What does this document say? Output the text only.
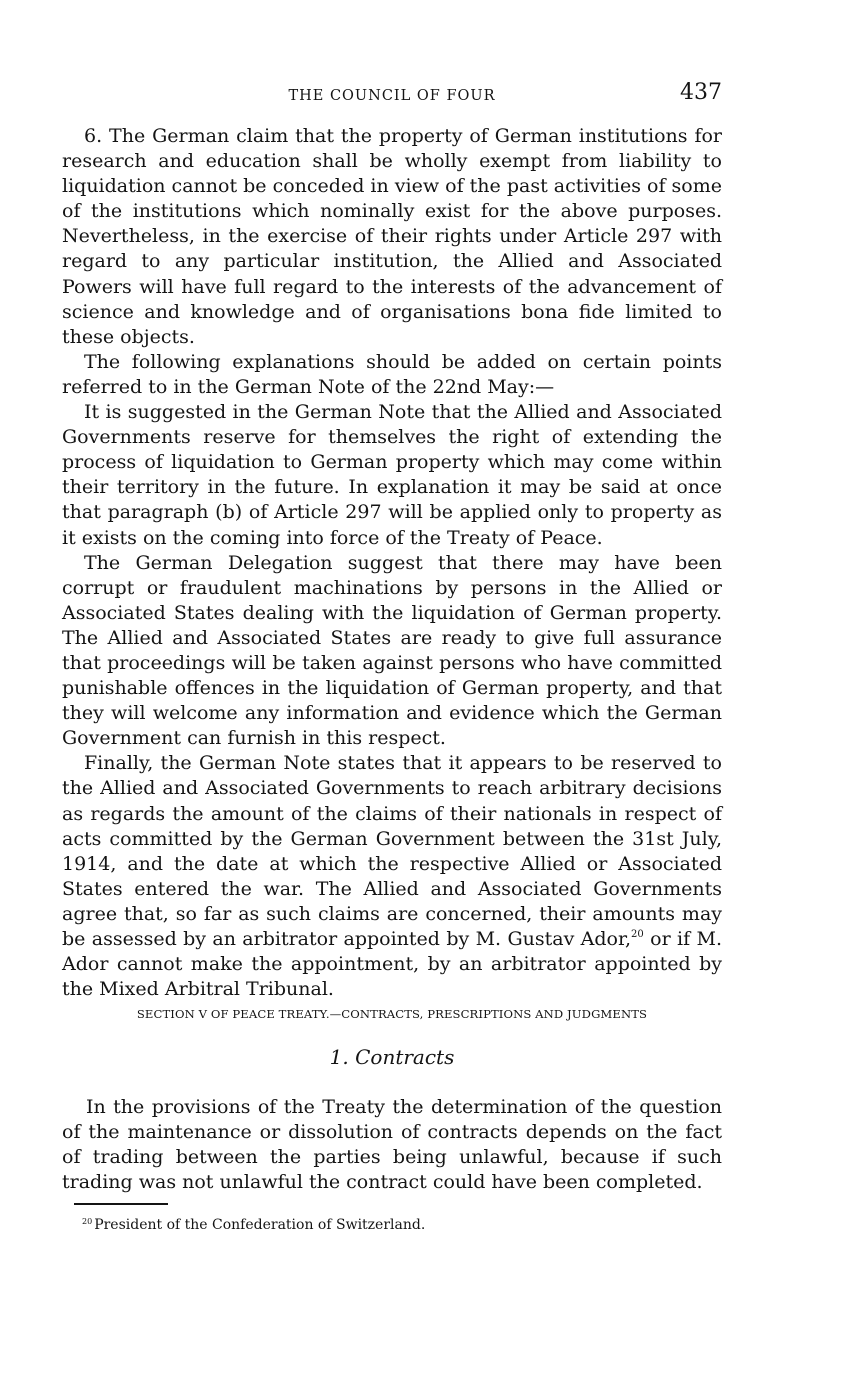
THE COUNCIL OF FOUR	437

6. The German claim that the property of German institutions for research and education shall be wholly exempt from liability to liquidation cannot be conceded in view of the past activities of some of the institutions which nominally exist for the above purposes. Nevertheless, in the exercise of their rights under Article 297 with regard to any particular institution, the Allied and Associated Powers will have full regard to the interests of the advancement of science and knowledge and of organisations bona fide limited to these objects.

The following explanations should be added on certain points referred to in the German Note of the 22nd May:—

It is suggested in the German Note that the Allied and Associated Governments reserve for themselves the right of extending the process of liquidation to German property which may come within their territory in the future. In explanation it may be said at once that paragraph (b) of Article 297 will be applied only to property as it exists on the coming into force of the Treaty of Peace.

The German Delegation suggest that there may have been corrupt or fraudulent machinations by persons in the Allied or Associated States dealing with the liquidation of German property. The Allied and Associated States are ready to give full assurance that proceedings will be taken against persons who have committed punishable offences in the liquidation of German property, and that they will welcome any information and evidence which the German Government can furnish in this respect.

Finally, the German Note states that it appears to be reserved to the Allied and Associated Governments to reach arbitrary decisions as regards the amount of the claims of their nationals in respect of acts committed by the German Government between the 31st July, 1914, and the date at which the respective Allied or Associated States entered the war. The Allied and Associated Governments agree that, so far as such claims are concerned, their amounts may be assessed by an arbitrator appointed by M. Gustav Ador,$^{20}$ or if M. Ador cannot make the appointment, by an arbitrator appointed by the Mixed Arbitral Tribunal.

SECTION V OF PEACE TREATY.—CONTRACTS, PRESCRIPTIONS AND JUDGMENTS
1. Contracts

In the provisions of the Treaty the determination of the question of the maintenance or dissolution of contracts depends on the fact of trading between the parties being unlawful, because if such trading was not unlawful the contract could have been completed.

$^{20}$ President of the Confederation of Switzerland.
